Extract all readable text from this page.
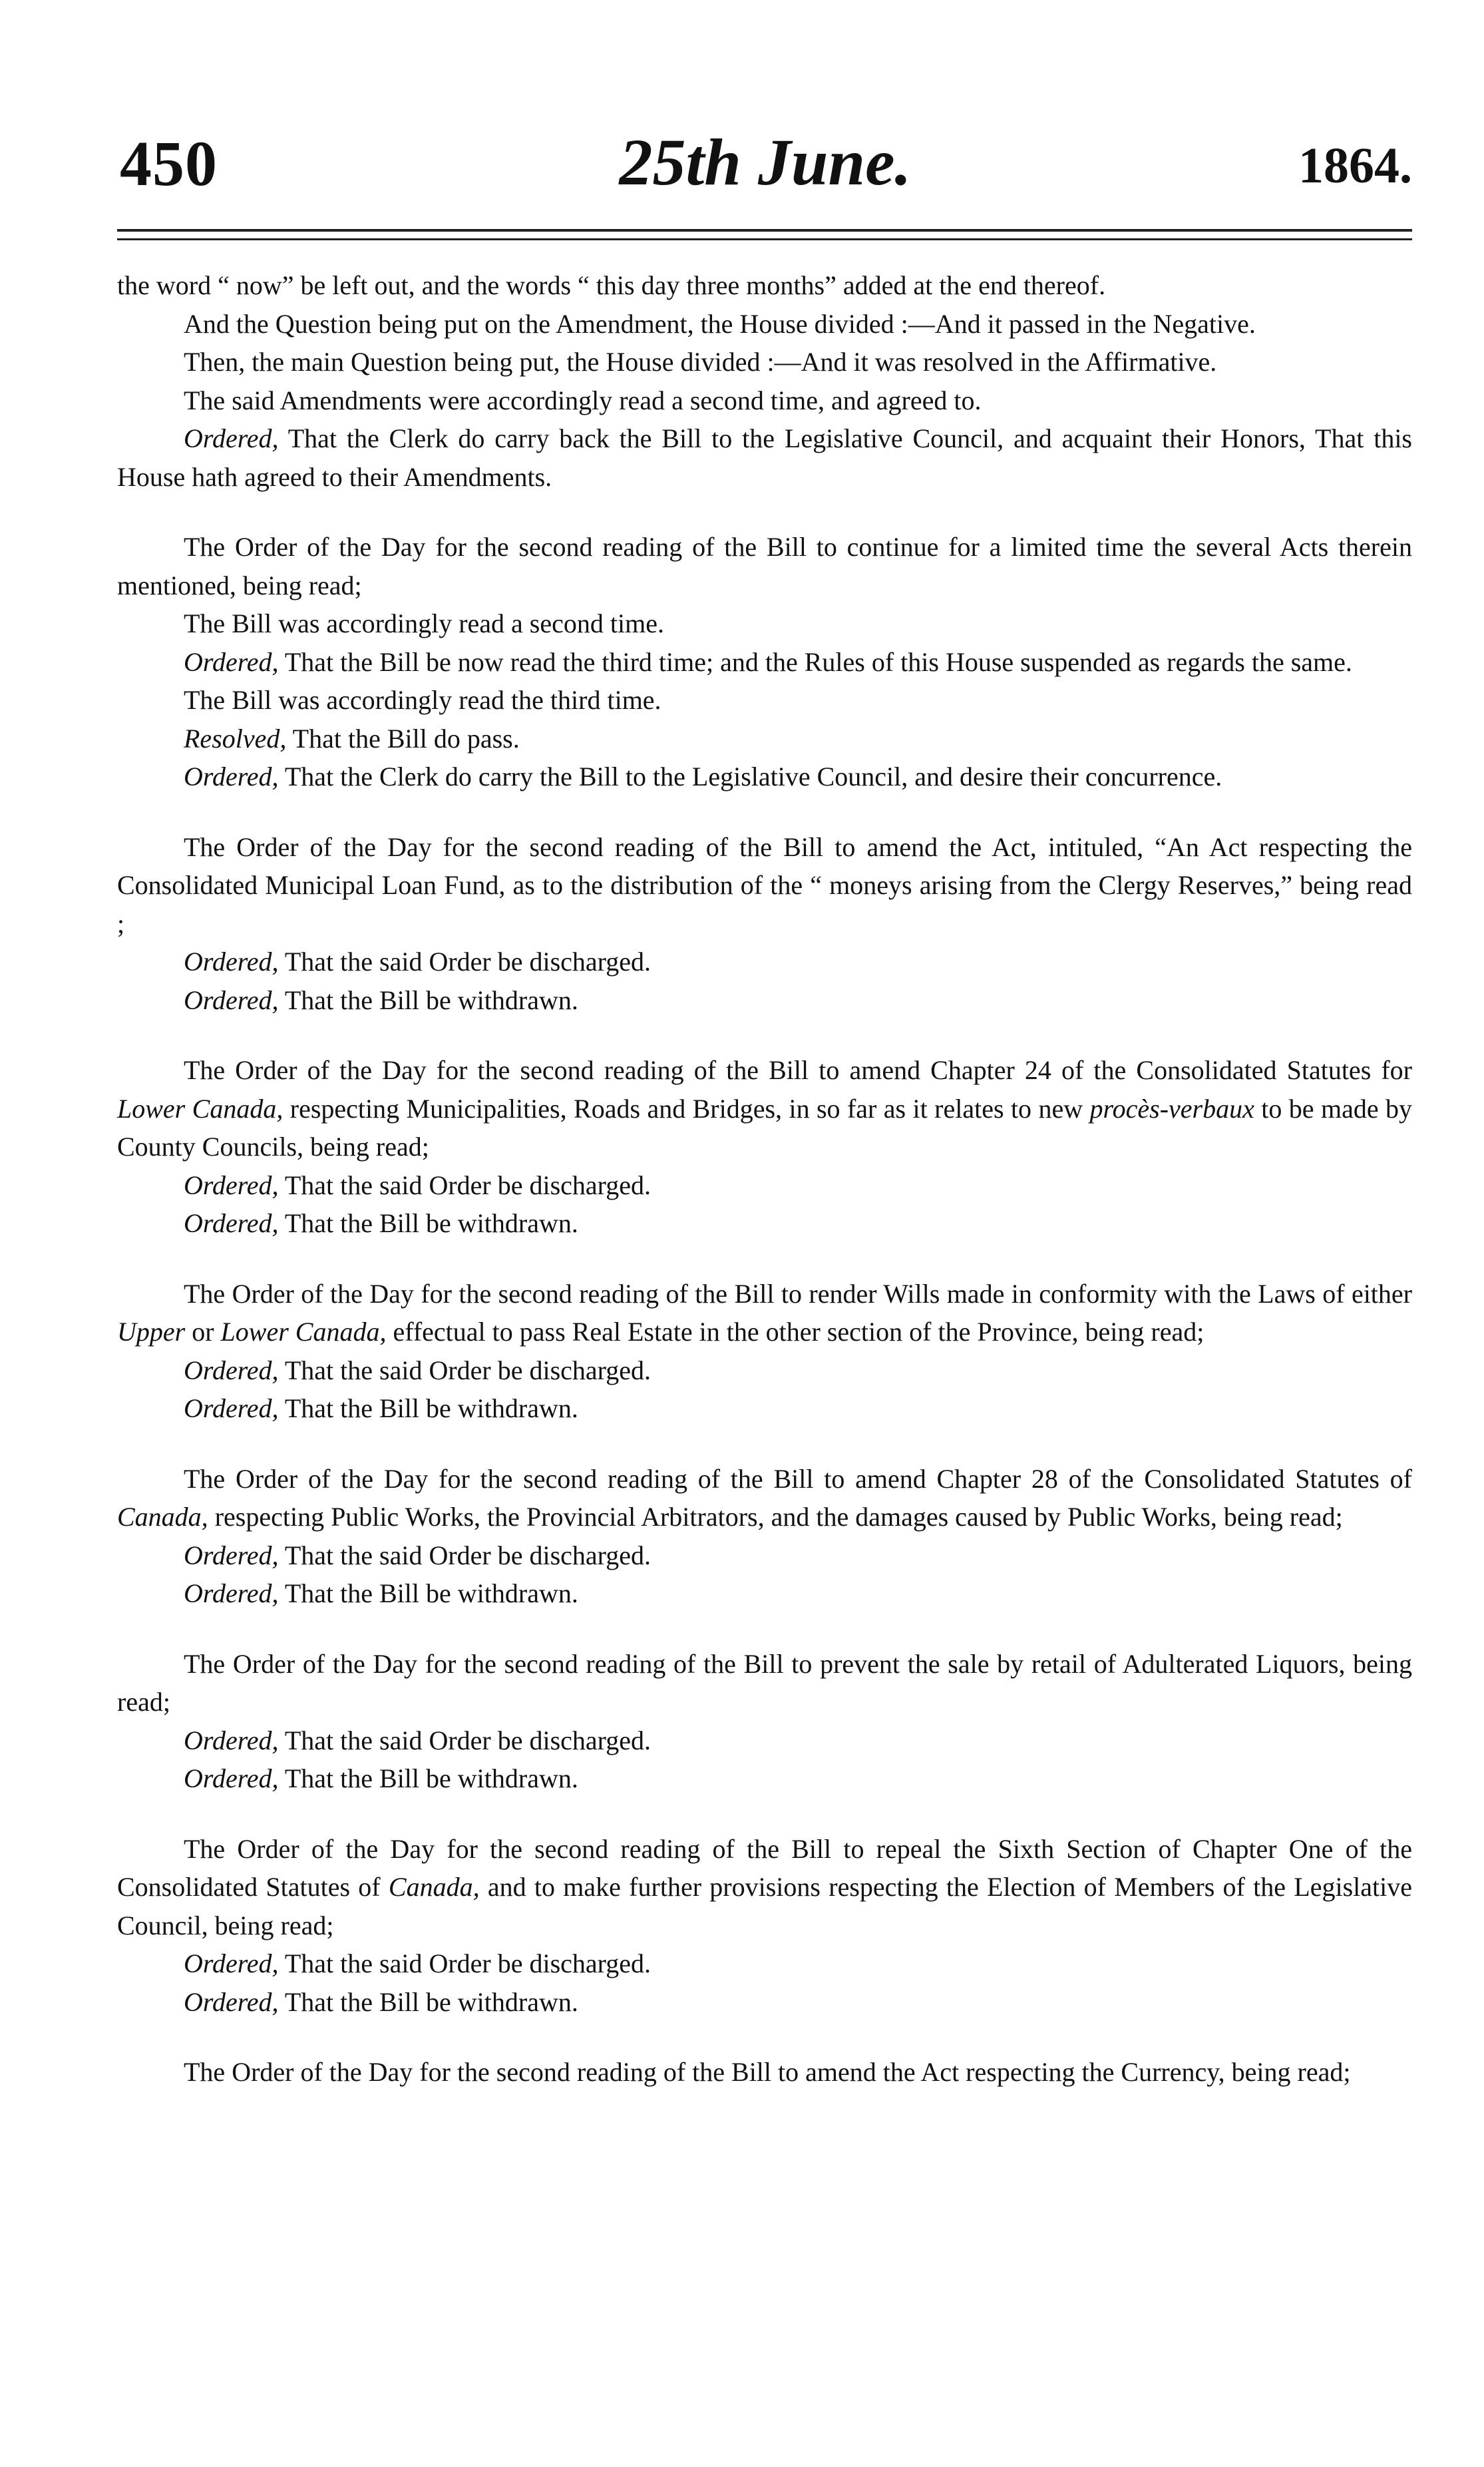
450	25th June.	1864.

the word “ now” be left out, and the words “ this day three months” added at the end thereof.

And the Question being put on the Amendment, the House divided :—And it passed in the Negative.

Then, the main Question being put, the House divided :—And it was resolved in the Affirmative.

The said Amendments were accordingly read a second time, and agreed to.

Ordered, That the Clerk do carry back the Bill to the Legislative Council, and acquaint their Honors, That this House hath agreed to their Amendments.

The Order of the Day for the second reading of the Bill to continue for a limited time the several Acts therein mentioned, being read;

The Bill was accordingly read a second time.

Ordered, That the Bill be now read the third time; and the Rules of this House suspended as regards the same.

The Bill was accordingly read the third time.

Resolved, That the Bill do pass.

Ordered, That the Clerk do carry the Bill to the Legislative Council, and desire their concurrence.

The Order of the Day for the second reading of the Bill to amend the Act, intituled, “An Act respecting the Consolidated Municipal Loan Fund, as to the distribution of the “ moneys arising from the Clergy Reserves,” being read ;

Ordered, That the said Order be discharged.

Ordered, That the Bill be withdrawn.

The Order of the Day for the second reading of the Bill to amend Chapter 24 of the Consolidated Statutes for Lower Canada, respecting Municipalities, Roads and Bridges, in so far as it relates to new procès-verbaux to be made by County Councils, being read;

Ordered, That the said Order be discharged.

Ordered, That the Bill be withdrawn.

The Order of the Day for the second reading of the Bill to render Wills made in conformity with the Laws of either Upper or Lower Canada, effectual to pass Real Estate in the other section of the Province, being read;

Ordered, That the said Order be discharged.

Ordered, That the Bill be withdrawn.

The Order of the Day for the second reading of the Bill to amend Chapter 28 of the Consolidated Statutes of Canada, respecting Public Works, the Provincial Arbitrators, and the damages caused by Public Works, being read;

Ordered, That the said Order be discharged.

Ordered, That the Bill be withdrawn.

The Order of the Day for the second reading of the Bill to prevent the sale by retail of Adulterated Liquors, being read;

Ordered, That the said Order be discharged.

Ordered, That the Bill be withdrawn.

The Order of the Day for the second reading of the Bill to repeal the Sixth Section of Chapter One of the Consolidated Statutes of Canada, and to make further provisions respecting the Election of Members of the Legislative Council, being read;

Ordered, That the said Order be discharged.

Ordered, That the Bill be withdrawn.

The Order of the Day for the second reading of the Bill to amend the Act respecting the Currency, being read;
